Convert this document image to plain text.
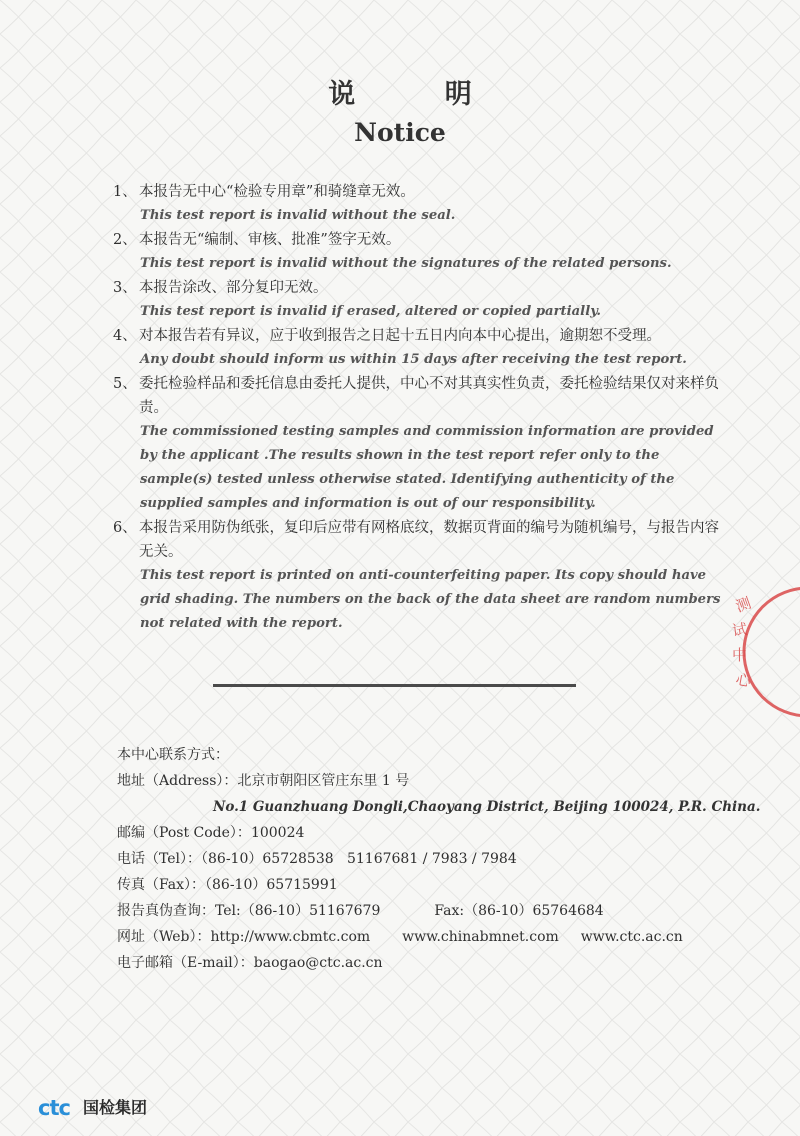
说 明
Notice
1、 本报告无中心“检验专用章”和骑缝章无效。
This test report is invalid without the seal.
2、 本报告无“编制、审核、批准”签字无效。
This test report is invalid without the signatures of the related persons.
3、 本报告涂改、部分复印无效。
This test report is invalid if erased, altered or copied partially.
4、 对本报告若有异议，应于收到报告之日起十五日内向本中心提出，逾期恕不受理。
Any doubt should inform us within 15 days after receiving the test report.
5、 委托检验样品和委托信息由委托人提供，中心不对其真实性负责，委托检验结果仅对来样负责。
The commissioned testing samples and commission information are provided by the applicant .The results shown in the test report refer only to the sample(s) tested unless otherwise stated. Identifying authenticity of the supplied samples and information is out of our responsibility.
6、 本报告采用防伪纸张，复印后应带有网格底纹，数据页背面的编号为随机编号，与报告内容无关。
This test report is printed on anti-counterfeiting paper. Its copy should have grid shading. The numbers on the back of the data sheet are random numbers not related with the report.
本中心联系方式：
地址（Address）：北京市朝阳区管庄东里 1 号
No.1 Guanzhuang Dongli,Chaoyang District, Beijing 100024, P.R. China.
邮编（Post Code）：100024
电话（Tel）：（86-10）65728538   51167681 / 7983 / 7984
传真（Fax）：（86-10）65715991
报告真伪查询：Tel:（86-10）51167679	Fax:（86-10）65764684
网址（Web）：http://www.cbmtc.com www.chinabmnet.com www.ctc.ac.cn
电子邮箱（E-mail）：baogao@ctc.ac.cn
测
试
中
心
ctc 国检集团
